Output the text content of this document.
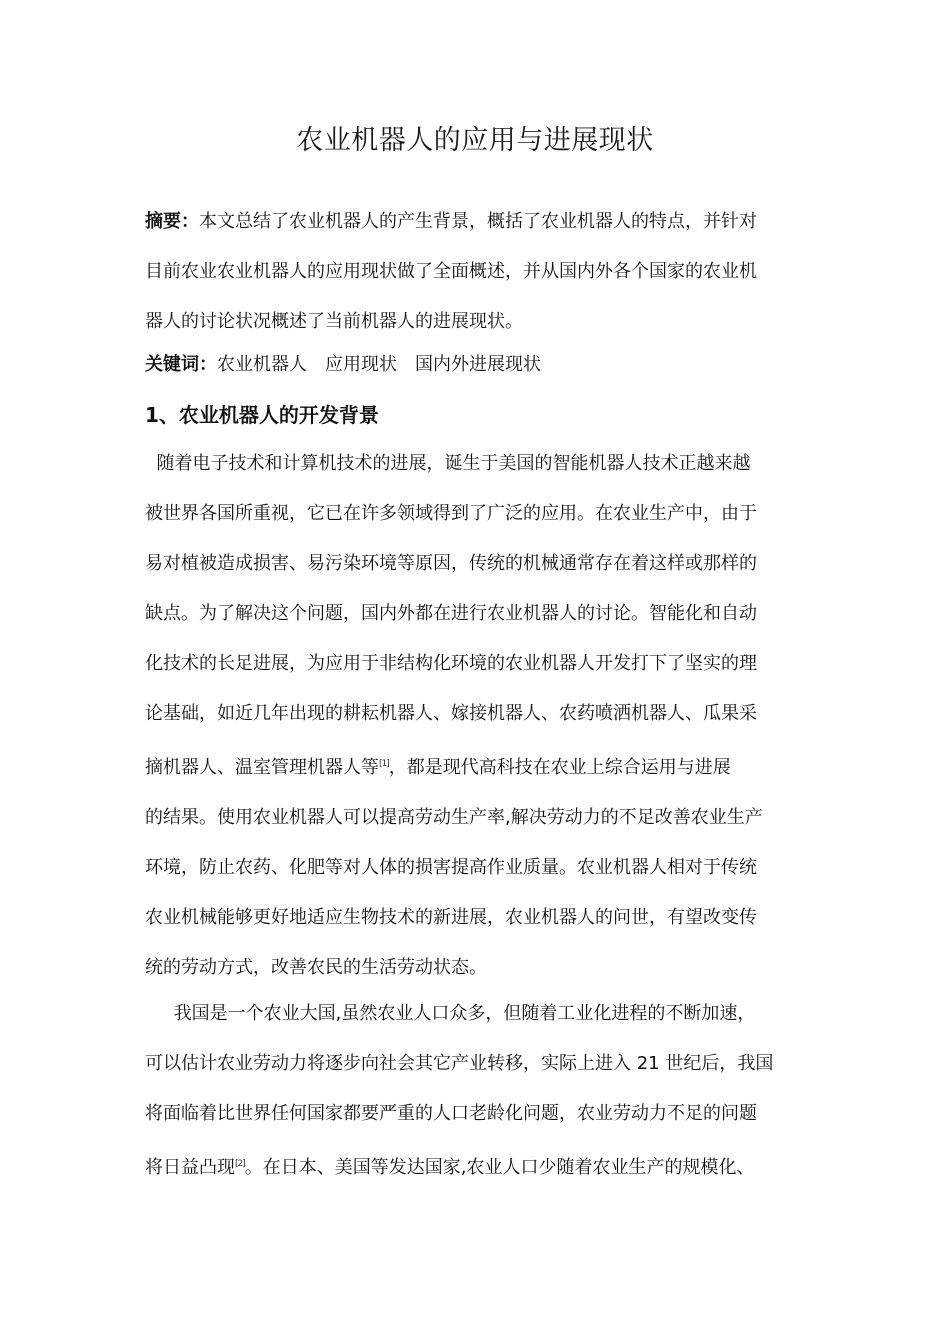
农业机器人的应用与进展现状
摘要：本文总结了农业机器人的产生背景，概括了农业机器人的特点，并针对
目前农业农业机器人的应用现状做了全面概述，并从国内外各个国家的农业机
器人的讨论状况概述了当前机器人的进展现状。
关键词：农业机器人 应用现状 国内外进展现状
1、农业机器人的开发背景
随着电子技术和计算机技术的进展，诞生于美国的智能机器人技术正越来越
被世界各国所重视，它已在许多领域得到了广泛的应用。在农业生产中，由于
易对植被造成损害、易污染环境等原因，传统的机械通常存在着这样或那样的
缺点。为了解决这个问题，国内外都在进行农业机器人的讨论。智能化和自动
化技术的长足进展，为应用于非结构化环境的农业机器人开发打下了坚实的理
论基础，如近几年出现的耕耘机器人、嫁接机器人、农药喷洒机器人、瓜果采
摘机器人、温室管理机器人等[1]，都是现代高科技在农业上综合运用与进展
的结果。使用农业机器人可以提高劳动生产率,解决劳动力的不足改善农业生产
环境，防止农药、化肥等对人体的损害提高作业质量。农业机器人相对于传统
农业机械能够更好地适应生物技术的新进展，农业机器人的问世，有望改变传
统的劳动方式，改善农民的生活劳动状态。
我国是一个农业大国,虽然农业人口众多，但随着工业化进程的不断加速，
可以估计农业劳动力将逐步向社会其它产业转移，实际上进入 21 世纪后，我国
将面临着比世界任何国家都要严重的人口老龄化问题，农业劳动力不足的问题
将日益凸现[2]。在日本、美国等发达国家,农业人口少随着农业生产的规模化、
